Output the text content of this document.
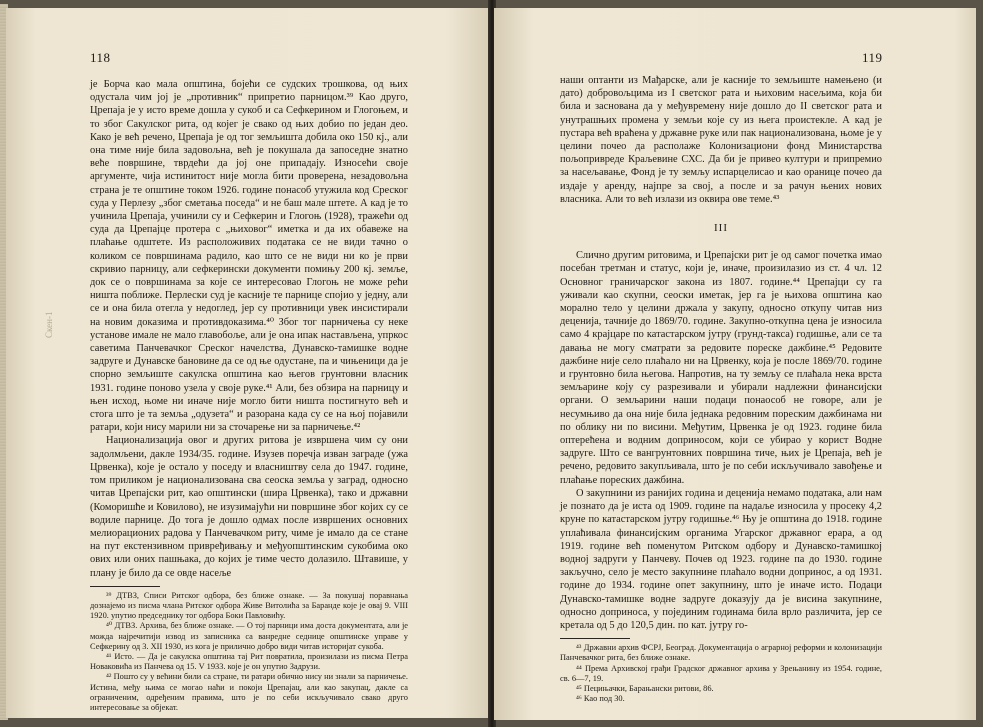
118
Скен-1

је Борча као мала општина, бојећи се судских трошкова, од њих одустала чим јој је „противник“ припретио парницом.³⁹ Као друго, Црепаја је у исто време дошла у сукоб и са Сефкерином и Глогоњем, и то због Сакулског рита, од којег је свако од њих добио по један део. Како је већ речено, Црепаја је од тог земљишта добила око 150 кј., али она тиме није била задовољна, већ је покушала да запоседне знатно веће површине, тврдећи да јој оне припадају. Износећи своје аргументе, чија истинитост није могла бити проверена, незадовољна страна је те општине током 1926. године понасоб утужила код Среског суда у Перлезу „због сметања поседа“ и не баш мале штете. А кад је то учинила Црепаја, учинили су и Сефкерин и Глогоњ (1928), тражећи од суда да Црепајце протера с „њиховог“ иметка и да их обавеже на плаћање одштете. Из расположивих података се не види тачно о коликом се површинама радило, као што се не види ни ко је први скривио парницу, али сефкерински документи помињу 200 кј. земље, док се о површинама за које се интересовао Глогоњ не може рећи ништа поближе. Перлески суд је касније те парнице спојио у једну, али се и она била отегла у недоглед, јер су противници увек инсистирали на новим доказима и противдоказима.⁴⁰ Због тог парничења су неке установе имале не мало главобоље, али је она ипак настављена, упркос саветима Панчевачког Среског начелства, Дунавско-тамишке водне задруге и Дунавске бановине да се од ње одустане, па и чињеници да је спорно земљиште сакулска општина као његов грунтовни власник 1931. године поново узела у своје руке.⁴¹ Али, без обзира на парницу и њен исход, њоме ни иначе није могло бити ништа постигнуто већ и стога што је та земља „одузета“ и разорана када су се на њој појавили ратари, који нису марили ни за сточарење ни за парничење.⁴²

Национализација овог и других ритова је извршена чим су они задолмљени, дакле 1934/35. године. Изузев поречја изван заграде (ужа Црвенка), које је остало у поседу и власништву села до 1947. године, том приликом је национализована сва сеоска земља у заград, односно читав Црепајски рит, као општински (шира Црвенка), тако и државни (Коморишће и Ковилово), не изузимајући ни површине због којих су се водиле парнице. До тога је дошло одмах после извршених основних мелиорационих радова у Панчевачком риту, чиме је имало да се стане на пут екстензивном привређивању и међуопштинским сукобима око ових или оних пашњака, до којих је тиме често долазило. Штавише, у плану је било да се овде насеље

³⁹ ДТВЗ, Списи Ритског одбора, без ближе ознаке. — За покушај поравнања дознајемо из писма члана Ритског одбора Живе Витолића за Баранде које је овај 9. VIII 1920. упутио председнику тог одбора Боки Павловићу.

⁴⁰ ДТВЗ. Архива, без ближе ознаке. — О тој парници има доста документата, али је можда најречитији извод из записника са ванредне седнице општинске управе у Сефкерину од 3. XII 1930, из кога је прилично добро види читав историјат сукоба.

⁴¹ Исто. — Да је сакулска општина тај Рит повратила, произилази из писма Петра Новаковића из Панчева од 15. V 1933. које је он упутио Задрузи.

⁴² Пошто су у већини били са стране, ти ратари обично нису ни знали за парничење. Истина, међу њима се могао наћи и покоји Црепајац, али као закупац, дакле са ограниченим, одређеним правима, што је по себи искључивало свако друго интересовање за објекат.

119

наши оптанти из Мађарске, али је касније то земљиште намењено (и дато) добровољцима из I светског рата и њиховим насељима, која би била и заснована да у међувремену није дошло до II светског рата и унутрашњих промена у земљи које су из њега проистекле. А кад је пустара већ враћена у државне руке или пак национализована, њоме је у целини почео да располаже Колонизациони фонд Министарства пољопривреде Краљевине СХС. Да би је привео култури и припремио за насељавање, Фонд је ту земљу испарцелисао и као оранице почео да издаје у аренду, најпре за свој, а после и за рачун њених нових власника. Али то већ излази из оквира ове теме.⁴³

III

Слично другим ритовима, и Црепајски рит је од самог почетка имао посебан третман и статус, који је, иначе, произилазио из ст. 4 чл. 12 Основног граничарског закона из 1807. године.⁴⁴ Црепајци су га уживали као скупни, сеоски иметак, јер га је њихова општина као морално тело у целини држала у закупу, односно откупу читав низ деценија, тачније до 1869/70. године. Закупно-откупна цена је износила само 4 крајцаре по катастарском јутру (грунд-такса) годишње, али се та давања не могу сматрати за редовите пореске дажбине.⁴⁵ Редовите дажбине није село плаћало ни на Црвенку, која је после 1869/70. године и грунтовно била његова. Напротив, на ту земљу се плаћала нека врста земљарине коју су разрезивали и убирали надлежни финансијски органи. О земљарини наши подаци понаособ не говоре, али је несумњиво да она није била једнака редовним пореским дажбинама ни по облику ни по висини. Међутим, Црвенка је од 1923. године била оптерећена и водним доприносом, који се убирао у корист Водне задруге. Што се вангрунтовних површина тиче, њих је Црепаја, већ је речено, редовито закупљивала, што је по себи искључивало завођење и плаћање пореских дажбина.

О закупнини из ранијих година и деценија немамо података, али нам је познато да је иста од 1909. године па надаље износила у просеку 4,2 круне по катастарском јутру годишње.⁴⁶ Њу је општина до 1918. године уплаћивала финансијским органима Угарског државног ерара, а од 1919. године већ поменутом Ритском одбору и Дунавско-тамишкој водној задруги у Панчеву. Почев од 1923. године па до 1930. године закључно, село је место закупнине плаћало водни допринос, а од 1931. године до 1934. године опет закупнину, што је иначе исто. Подаци Дунавско-тамишке водне задруге доказују да је висина закупнине, односно доприноса, у појединим годинама била врло различита, јер се кретала од 5 до 120,5 дин. по кат. јутру го-

⁴³ Државни архив ФСРЈ, Београд. Документација о аграрној реформи и колонизацији Панчевачког рита, без ближе ознаке.

⁴⁴ Према Архивској грађи Градског државног архива у Зрењанину из 1954. године, св. 6—7, 19.

⁴⁵ Пецињачки, Барањански ритови, 86.

⁴⁶ Као под 30.
